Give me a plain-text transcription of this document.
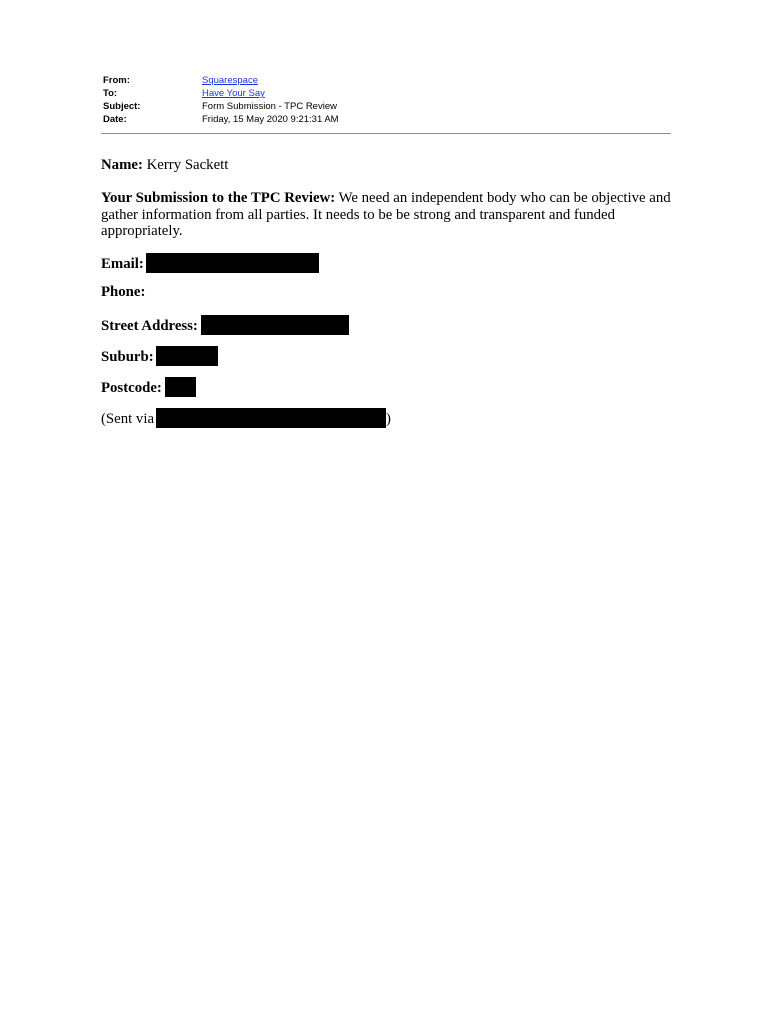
From:	Squarespace
To:	Have Your Say
Subject:	Form Submission - TPC Review
Date:	Friday, 15 May 2020 9:21:31 AM

Name: Kerry Sackett

Your Submission to the TPC Review: We need an independent body who can be objective and gather information from all parties. It needs to be be strong and transparent and funded appropriately.

Email:

Phone:

Street Address:

Suburb:

Postcode:

(Sent via	)
